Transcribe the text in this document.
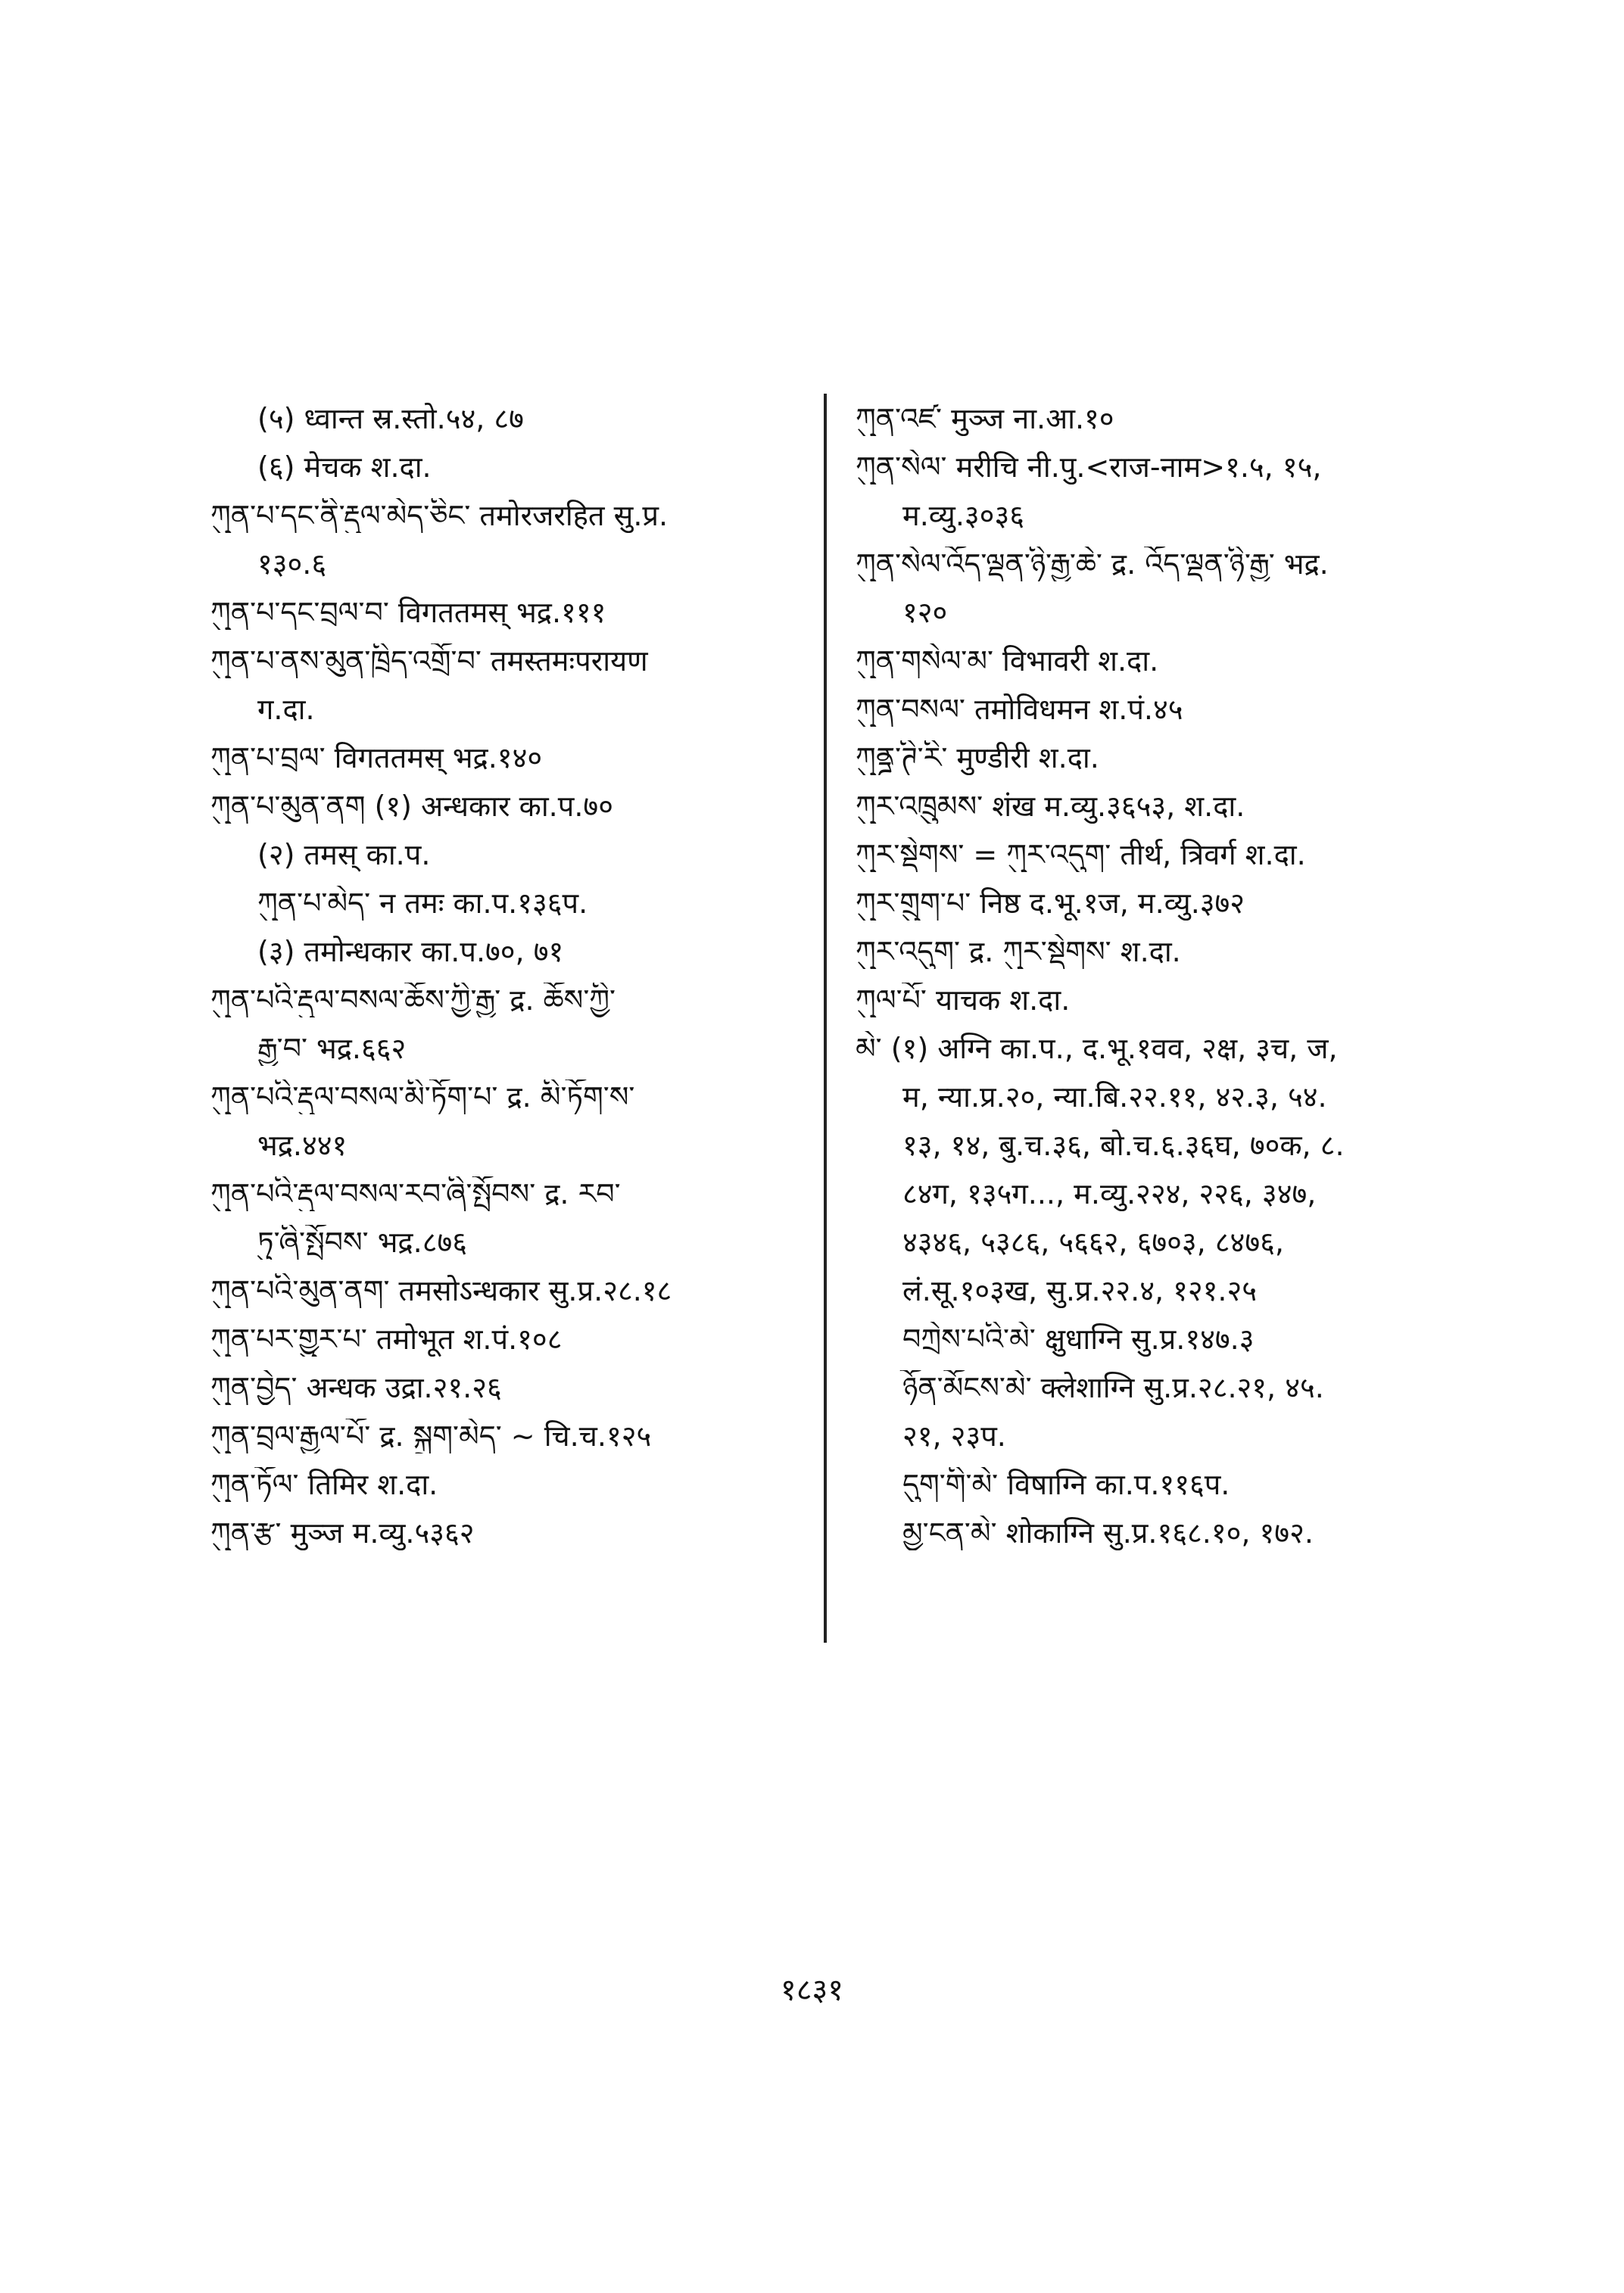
(५) ध्वान्त स्र.स्तो.५४, ८७
(६) मेचक श.दा.
ཀུན་པ་དང་ནི་རྡུལ་མེད་ཅིང་ तमोरजरहित सु.प्र.
१३०.६
ཀུན་པ་དང་བྲལ་བ་ विगततमस् भद्र.१११
ཀུན་པ་ནས་མུན་ཁྲིད་འགྲོ་བ་ तमस्तमःपरायण
ग.दा.
ཀུན་པ་བྲལ་ विगततमस् भद्र.१४०
ཀུན་པ་མུན་ནག (१) अन्धकार का.प.७०
(२) तमस् का.प.
ཀུན་པ་མེད་ न तमः का.प.१३६प.
(३) तमोन्धकार का.प.७०, ७१
ཀུན་པའི་རྡུལ་བསལ་ཆོས་ཀྱི་རྒྱ་ द्र. ཆོས་ཀྱི་
རྒྱ་བ་ भद्र.६६२
ཀུན་པའི་རྡུལ་བསལ་མི་ཏོག་པ་ द्र. མི་ཏོག་ས་
भद्र.४४१
ཀུན་པའི་རྡུལ་བསལ་རབ་ཞི་སྤོབས་ द्र. རབ་
ཏུ་ཞི་སྤོབས་ भद्र.८७६
ཀུན་པའི་མུན་ནག་ तमसोऽन्धकार सु.प्र.२८.१८
ཀུན་པར་གྱུར་པ་ तमोभूत श.पं.१०८
ཀུན་བྱེད་ अन्धक उद्रा.२१.२६
ཀུན་བྲལ་རྒྱལ་པོ་ द्र. སྐྲག་མེད་ ~ चि.च.१२५
ཀུན་ཏོལ་ तिमिर श.दा.
ཀུན་རྩ་ मुञ्ज म.व्यु.५३६२
ཀུན་འཛ་ मुञ्ज ना.आ.१०
ཀུན་སེལ་ मरीचि नी.पु.<राज-नाम>१.५, १५,
म.व्यु.३०३६
ཀུན་སེལ་འོད་ལྡན་ཉི་རྒྱ་ཆེ་ द्र. འོད་ལྡན་ཉི་རྒྱ་ भद्र.
१२०
ཀུན་གསེལ་མ་ विभावरी श.दा.
ཀུན་བསལ་ तमोविधमन श.पं.४५
ཀུནྜ་ཊི་རི་ मुण्डीरी श.दा.
ཀུར་འཁྲུམས་ शंख म.व्यु.३६५३, श.दा.
ཀུར་སྡེགས་ = ཀུར་འདུག་ तीर्थ, त्रिवर्ग श.दा.
ཀུར་གྲུག་པ་ निष्ठ द.भू.१ज, म.व्यु.३७२
ཀུར་འདུག་ द्र. ཀུར་སྡེགས་ श.दा.
ཀུལ་པོ་ याचक श.दा.
མེ་ (१) अग्नि का.प., द.भू.१वव, २क्ष, ३च, ज,
म, न्या.प्र.२०, न्या.बि.२२.११, ४२.३, ५४.
१३, १४, बु.च.३६, बो.च.६.३६घ, ७०क, ८.
८४ग, १३५ग..., म.व्यु.२२४, २२६, ३४७,
४३४६, ५३८६, ५६६२, ६७०३, ८४७६,
लं.सू.१०३ख, सु.प्र.२२.४, १२१.२५
བཀྲེས་པའི་མེ་ क्षुधाग्नि सु.प्र.१४७.३
ཉོན་མོངས་མེ་ क्लेशाग्नि सु.प्र.२८.२१, ४५.
२१, २३प.
དུག་གི་མེ་ विषाग्नि का.प.११६प.
མྱ་ངན་མེ་ शोकाग्नि सु.प्र.१६८.१०, १७२.
१८३१
